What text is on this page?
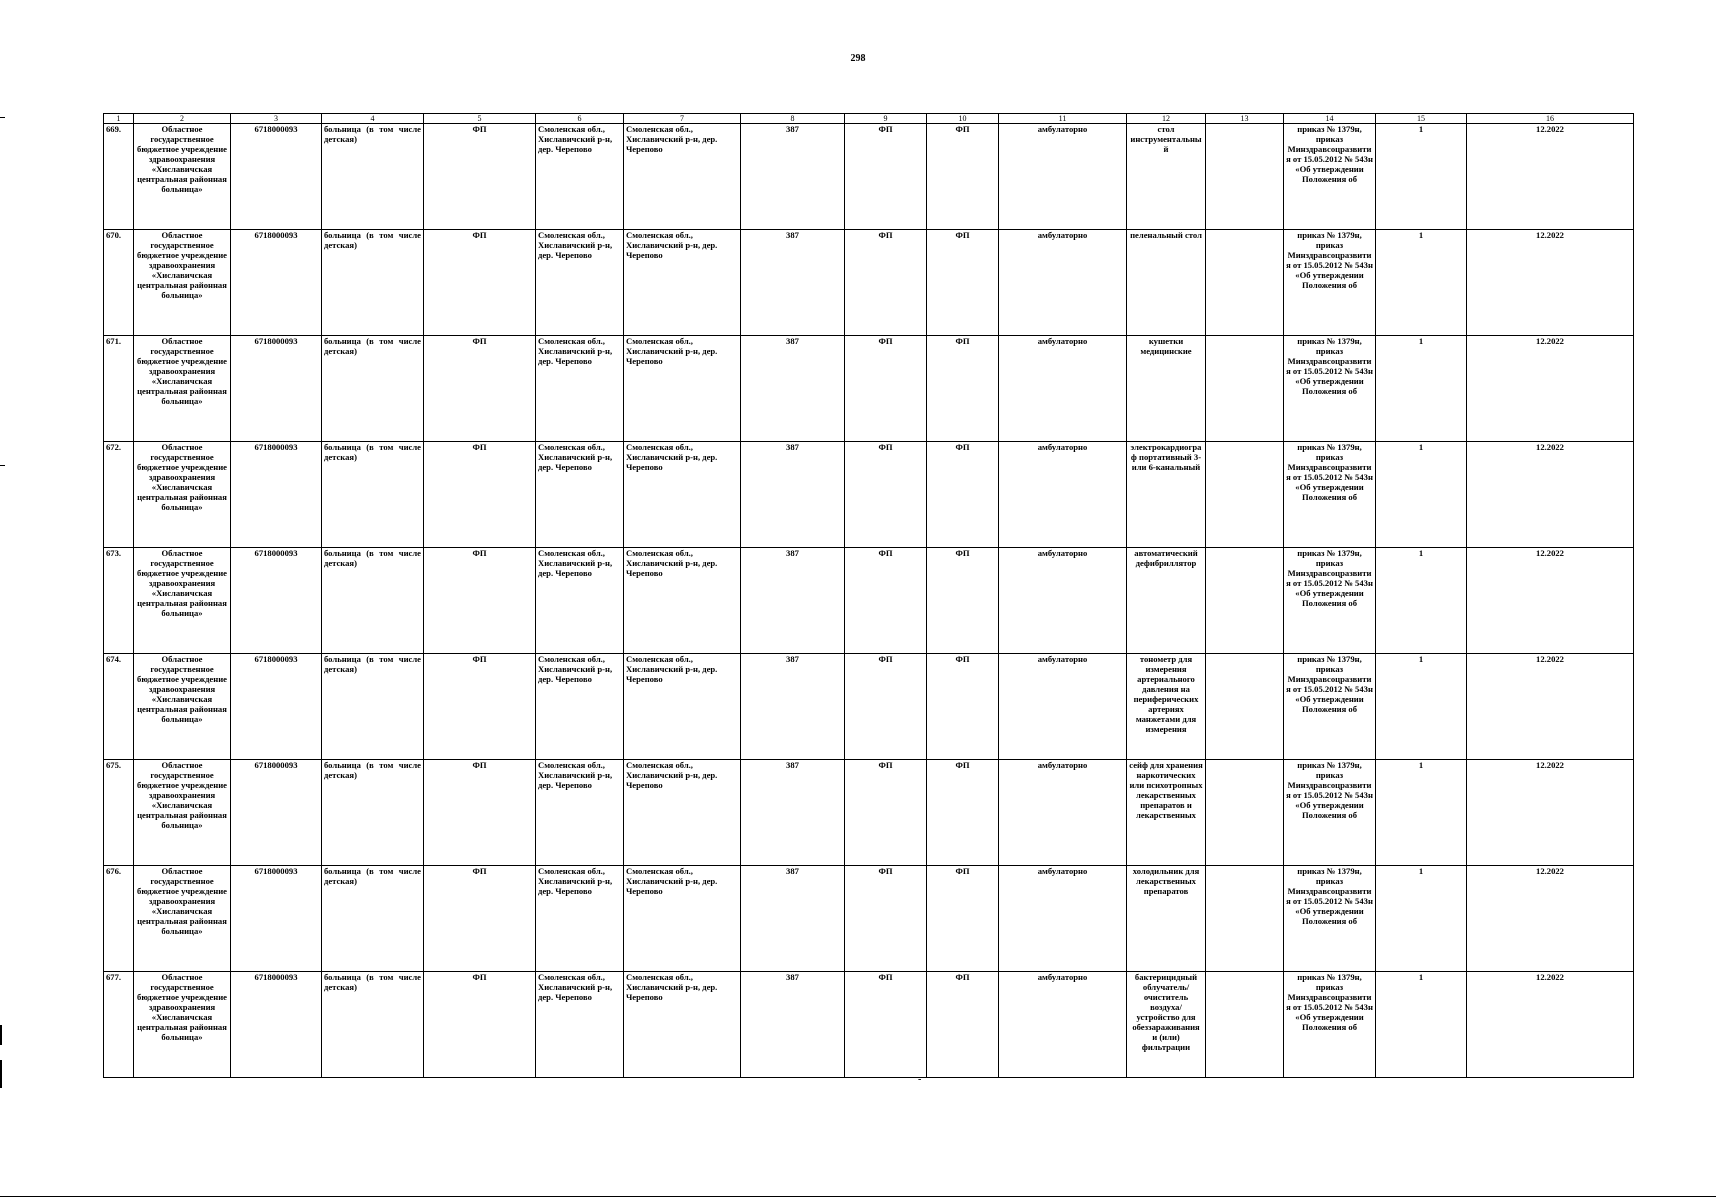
298
1	2	3	4	5	6	7	8	9	10	11	12	13	14	15	16
669.	Областное государственное бюджетное учреждение здравоохранения «Хиславичская центральная районная больница»	6718000093	больница (в том числе детская)	ФП	Смоленская обл., Хиславичский р-н, дер. Черепово	Смоленская обл., Хиславичский р-н, дер. Черепово	387	ФП	ФП	амбулаторно	стол инструментальный		приказ № 1379н, приказ Минздравсоцразвития от 15.05.2012 № 543н «Об утверждении Положения об	1	12.2022
670.	Областное государственное бюджетное учреждение здравоохранения «Хиславичская центральная районная больница»	6718000093	больница (в том числе детская)	ФП	Смоленская обл., Хиславичский р-н, дер. Черепово	Смоленская обл., Хиславичский р-н, дер. Черепово	387	ФП	ФП	амбулаторно	пеленальный стол		приказ № 1379н, приказ Минздравсоцразвития от 15.05.2012 № 543н «Об утверждении Положения об	1	12.2022
671.	Областное государственное бюджетное учреждение здравоохранения «Хиславичская центральная районная больница»	6718000093	больница (в том числе детская)	ФП	Смоленская обл., Хиславичский р-н, дер. Черепово	Смоленская обл., Хиславичский р-н, дер. Черепово	387	ФП	ФП	амбулаторно	кушетки медицинские		приказ № 1379н, приказ Минздравсоцразвития от 15.05.2012 № 543н «Об утверждении Положения об	1	12.2022
672.	Областное государственное бюджетное учреждение здравоохранения «Хиславичская центральная районная больница»	6718000093	больница (в том числе детская)	ФП	Смоленская обл., Хиславичский р-н, дер. Черепово	Смоленская обл., Хиславичский р-н, дер. Черепово	387	ФП	ФП	амбулаторно	электрокардиограф портативный 3- или 6-канальный		приказ № 1379н, приказ Минздравсоцразвития от 15.05.2012 № 543н «Об утверждении Положения об	1	12.2022
673.	Областное государственное бюджетное учреждение здравоохранения «Хиславичская центральная районная больница»	6718000093	больница (в том числе детская)	ФП	Смоленская обл., Хиславичский р-н, дер. Черепово	Смоленская обл., Хиславичский р-н, дер. Черепово	387	ФП	ФП	амбулаторно	автоматический дефибриллятор		приказ № 1379н, приказ Минздравсоцразвития от 15.05.2012 № 543н «Об утверждении Положения об	1	12.2022
674.	Областное государственное бюджетное учреждение здравоохранения «Хиславичская центральная районная больница»	6718000093	больница (в том числе детская)	ФП	Смоленская обл., Хиславичский р-н, дер. Черепово	Смоленская обл., Хиславичский р-н, дер. Черепово	387	ФП	ФП	амбулаторно	тонометр для измерения артериального давления на периферических артериях манжетами для измерения		приказ № 1379н, приказ Минздравсоцразвития от 15.05.2012 № 543н «Об утверждении Положения об	1	12.2022
675.	Областное государственное бюджетное учреждение здравоохранения «Хиславичская центральная районная больница»	6718000093	больница (в том числе детская)	ФП	Смоленская обл., Хиславичский р-н, дер. Черепово	Смоленская обл., Хиславичский р-н, дер. Черепово	387	ФП	ФП	амбулаторно	сейф для хранения наркотических или психотропных лекарственных препаратов и лекарственных		приказ № 1379н, приказ Минздравсоцразвития от 15.05.2012 № 543н «Об утверждении Положения об	1	12.2022
676.	Областное государственное бюджетное учреждение здравоохранения «Хиславичская центральная районная больница»	6718000093	больница (в том числе детская)	ФП	Смоленская обл., Хиславичский р-н, дер. Черепово	Смоленская обл., Хиславичский р-н, дер. Черепово	387	ФП	ФП	амбулаторно	холодильник для лекарственных препаратов		приказ № 1379н, приказ Минздравсоцразвития от 15.05.2012 № 543н «Об утверждении Положения об	1	12.2022
677.	Областное государственное бюджетное учреждение здравоохранения «Хиславичская центральная районная больница»	6718000093	больница (в том числе детская)	ФП	Смоленская обл., Хиславичский р-н, дер. Черепово	Смоленская обл., Хиславичский р-н, дер. Черепово	387	ФП	ФП	амбулаторно	бактерицидный облучатель/очиститель воздуха/устройство для обеззараживания и (или) фильтрации		приказ № 1379н, приказ Минздравсоцразвития от 15.05.2012 № 543н «Об утверждении Положения об	1	12.2022
-
